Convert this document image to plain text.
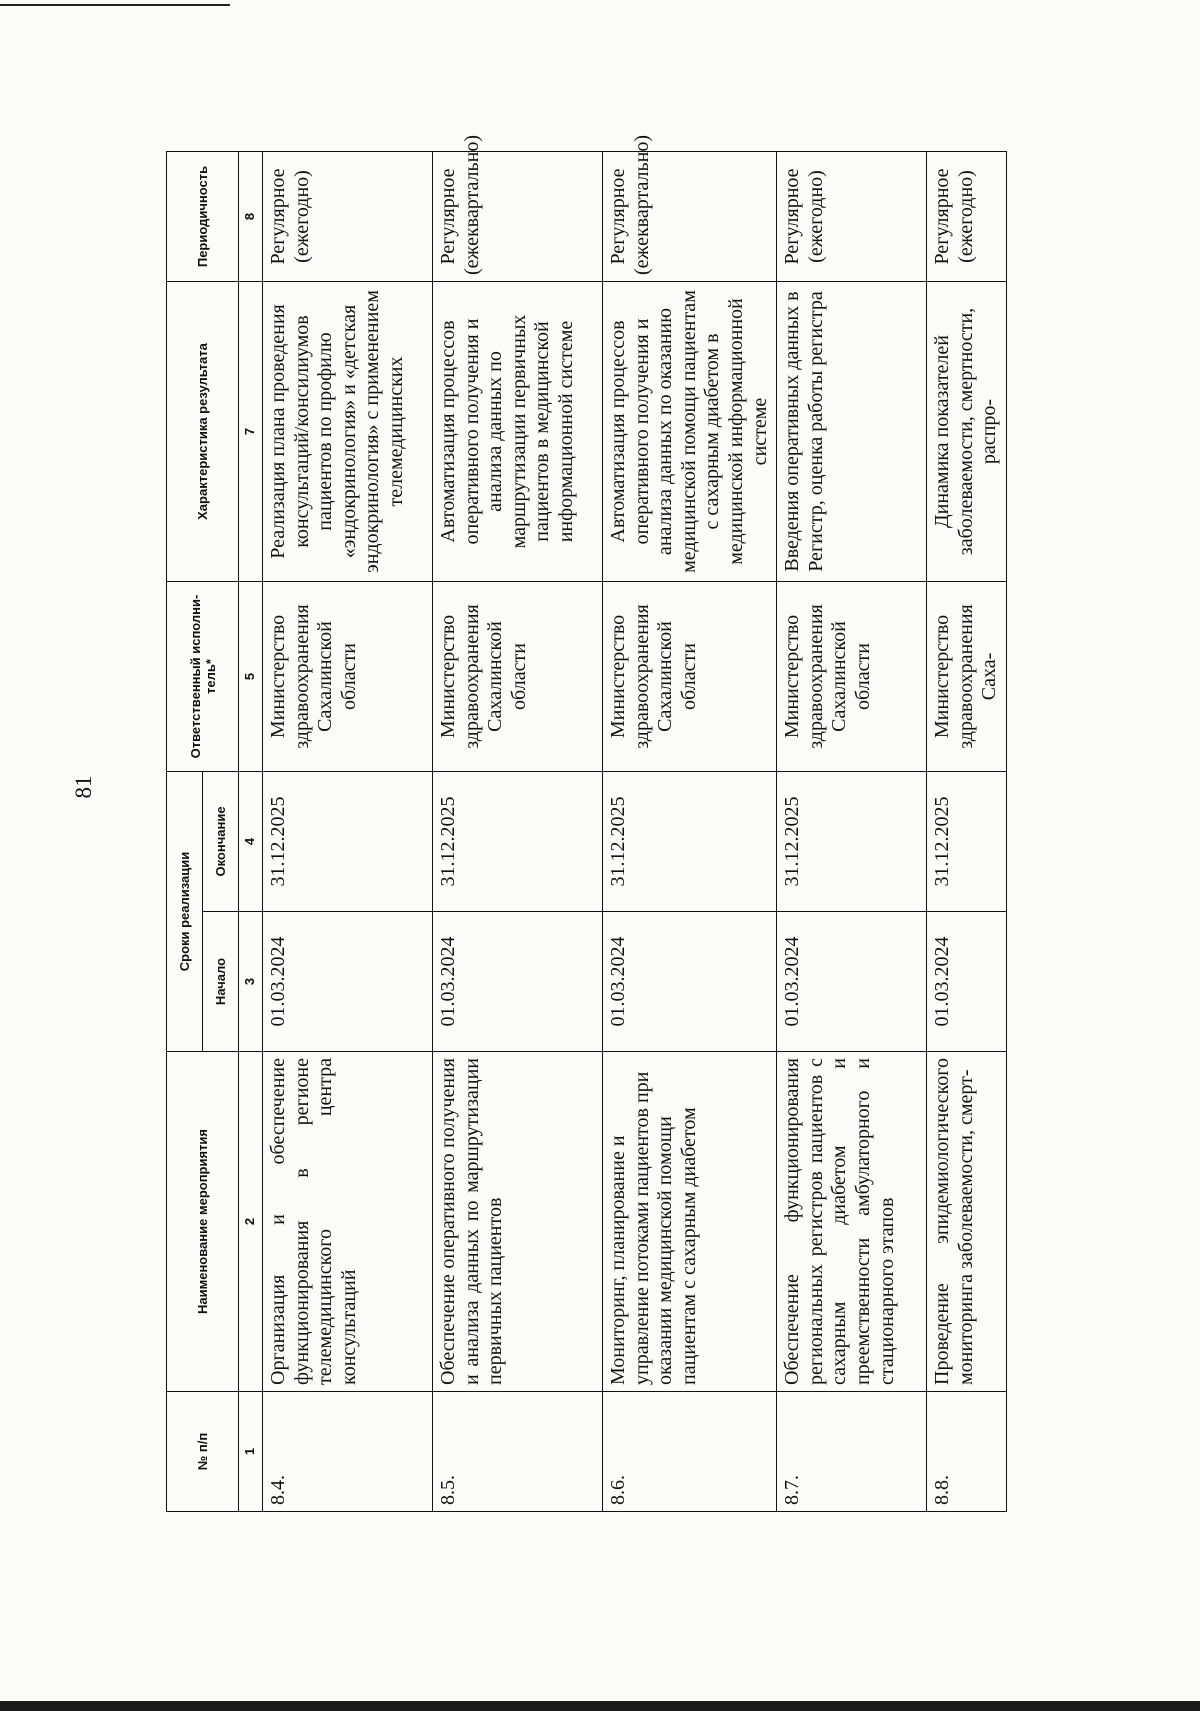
81
№ п/п	Наименование мероприятия	Сроки реализации		Ответственный исполни-тель*	Характеристика результата	Периодичность
		Начало	Окончание			
1	2	3	4	5	7	8
8.4.	Организация и обеспечение функционирования в регионе телемедицинского центра консультаций	01.03.2024	31.12.2025	Министерство здравоохранения Сахалинской области	Реализация плана проведения консультаций/консилиумов пациентов по профилю «эндокринология» и «детская эндокринология» с применением телемедицинских	Регулярное (ежегодно)
8.5.	Обеспечение оперативного получения и анализа данных по маршрутизации первичных пациентов	01.03.2024	31.12.2025	Министерство здравоохранения Сахалинской области	Автоматизация процессов оперативного получения и анализа данных по маршрутизации первичных пациентов в медицинской информационной системе	Регулярное (ежеквартально)
8.6.	Мониторинг, планирование и управление потоками пациентов при оказании медицинской помощи пациентам с сахарным диабетом	01.03.2024	31.12.2025	Министерство здравоохранения Сахалинской области	Автоматизация процессов оперативного получения и анализа данных по оказанию медицинской помощи пациентам с сахарным диабетом в медицинской информационной системе	Регулярное (ежеквартально)
8.7.	Обеспечение функционирования региональных регистров пациентов с сахарным диабетом и преемственности амбулаторного и стационарного этапов	01.03.2024	31.12.2025	Министерство здравоохранения Сахалинской области	Введения оперативных данных в Регистр, оценка работы регистра	Регулярное (ежегодно)
8.8.	Проведение эпидемиологического мониторинга заболеваемости, смерт-	01.03.2024	31.12.2025	Министерство здравоохранения Саха-	Динамика показателей заболеваемости, смертности, распро-	Регулярное (ежегодно)
